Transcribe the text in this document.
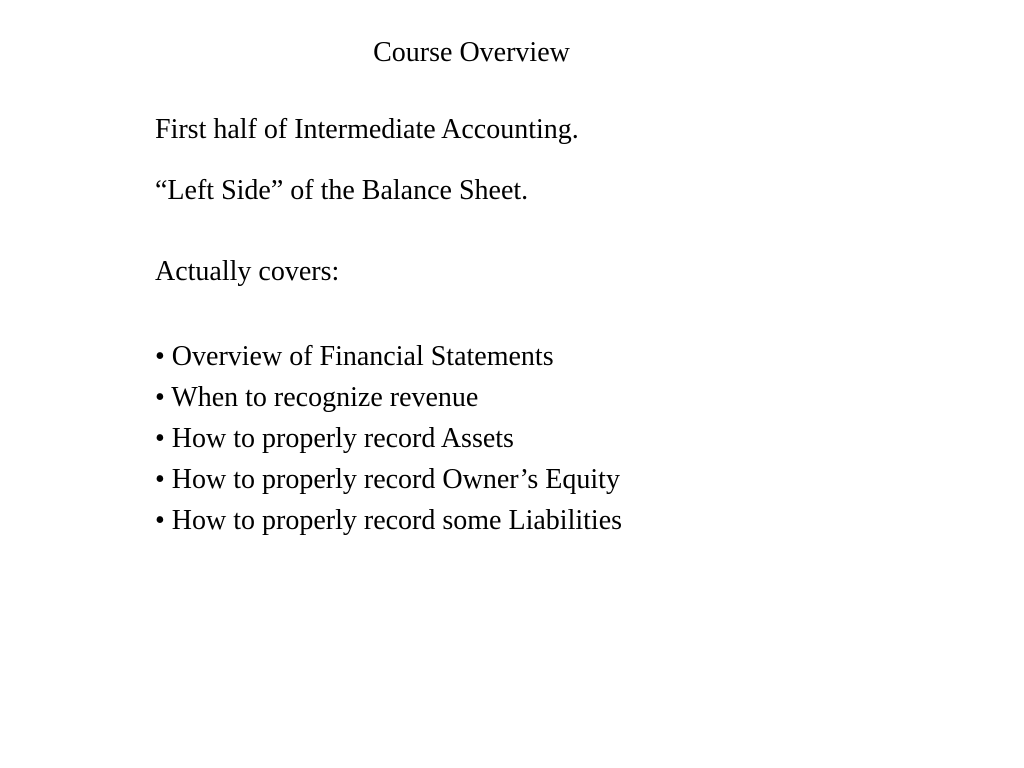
Course Overview
First half of Intermediate Accounting.
“Left Side” of the Balance Sheet.
Actually covers:
• Overview of Financial Statements
• When to recognize revenue
• How to properly record Assets
• How to properly record Owner’s Equity
• How to properly record some Liabilities
